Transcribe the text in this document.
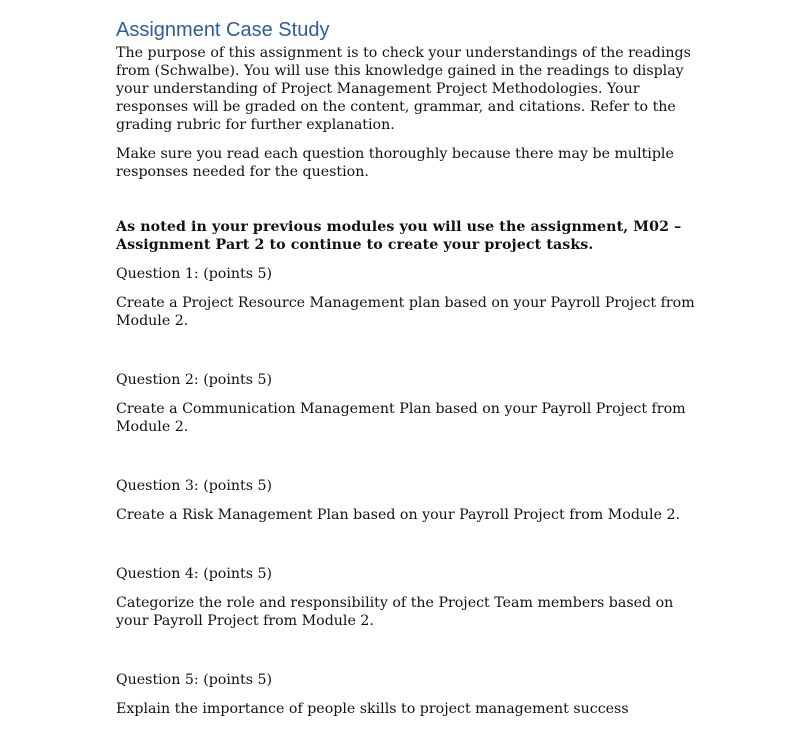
Assignment Case Study

The purpose of this assignment is to check your understandings of the readings from (Schwalbe). You will use this knowledge gained in the readings to display your understanding of Project Management Project Methodologies. Your responses will be graded on the content, grammar, and citations. Refer to the grading rubric for further explanation.

Make sure you read each question thoroughly because there may be multiple responses needed for the question.

As noted in your previous modules you will use the assignment, M02 – Assignment Part 2 to continue to create your project tasks.

Question 1: (points 5)

Create a Project Resource Management plan based on your Payroll Project from Module 2.

Question 2: (points 5)

Create a Communication Management Plan based on your Payroll Project from Module 2.

Question 3: (points 5)

Create a Risk Management Plan based on your Payroll Project from Module 2.

Question 4: (points 5)

Categorize the role and responsibility of the Project Team members based on your Payroll Project from Module 2.

Question 5: (points 5)

Explain the importance of people skills to project management success
